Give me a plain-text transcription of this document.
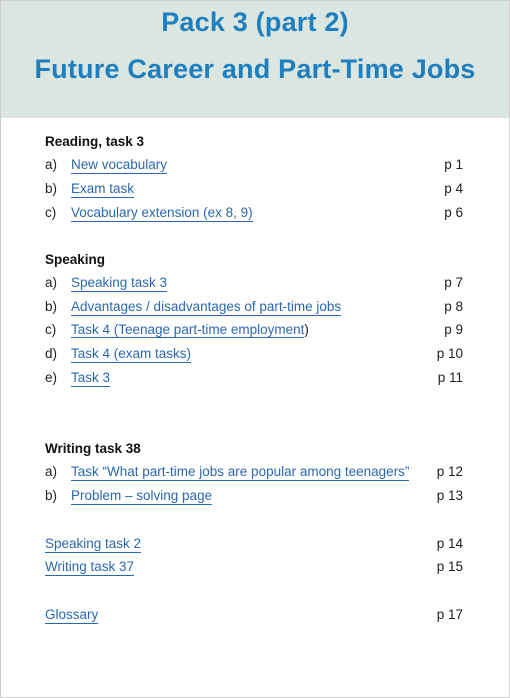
Pack 3 (part 2)
Future Career and Part-Time Jobs
Reading, task 3
a) New vocabulary	p 1
b) Exam task	p 4
c) Vocabulary extension (ex 8, 9)	p 6
Speaking
a) Speaking task 3	p 7
b) Advantages / disadvantages of part-time jobs	p 8
c) Task 4 (Teenage part-time employment)	p 9
d) Task 4 (exam tasks)	p 10
e) Task 3	p 11
Writing task 38
a) Task “What part-time jobs are popular among teenagers” p 12
b) Problem – solving page	p 13
Speaking task 2	p 14
Writing task 37	p 15
Glossary	p 17
